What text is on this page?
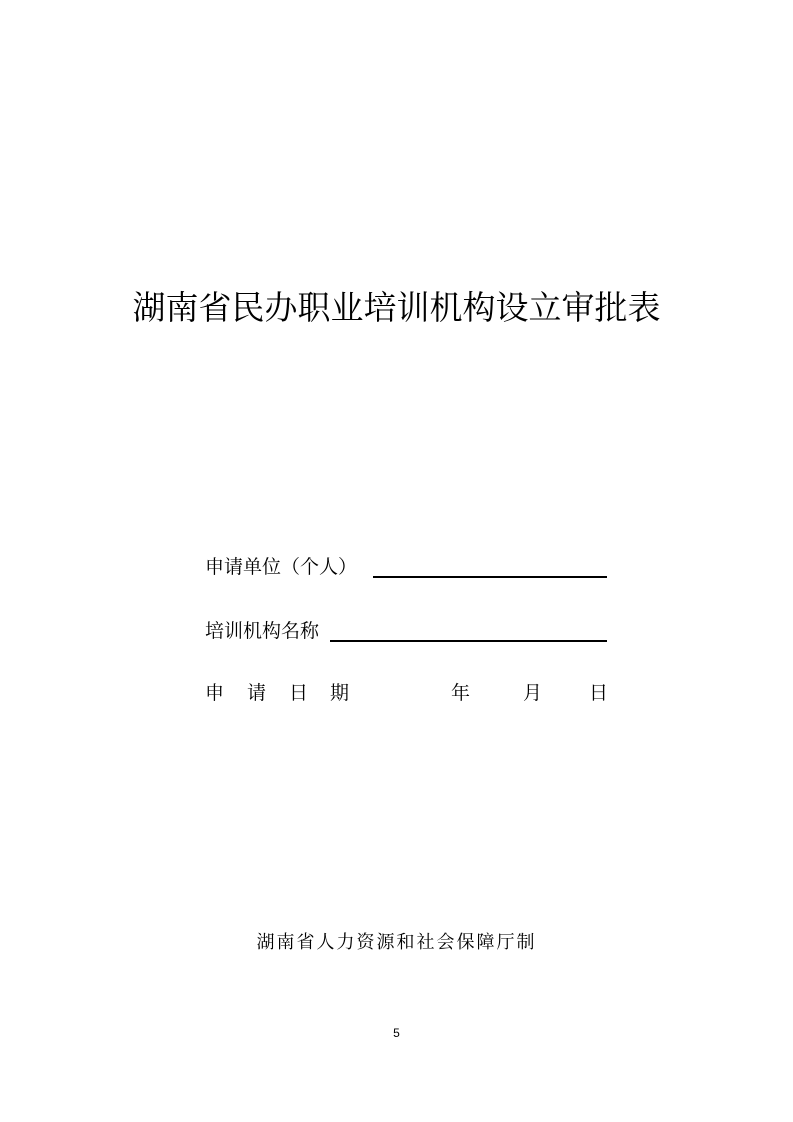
湖南省民办职业培训机构设立审批表
申请单位（个人）
培训机构名称
申 请 日 期	年	月 日
湖南省人力资源和社会保障厅制
5
